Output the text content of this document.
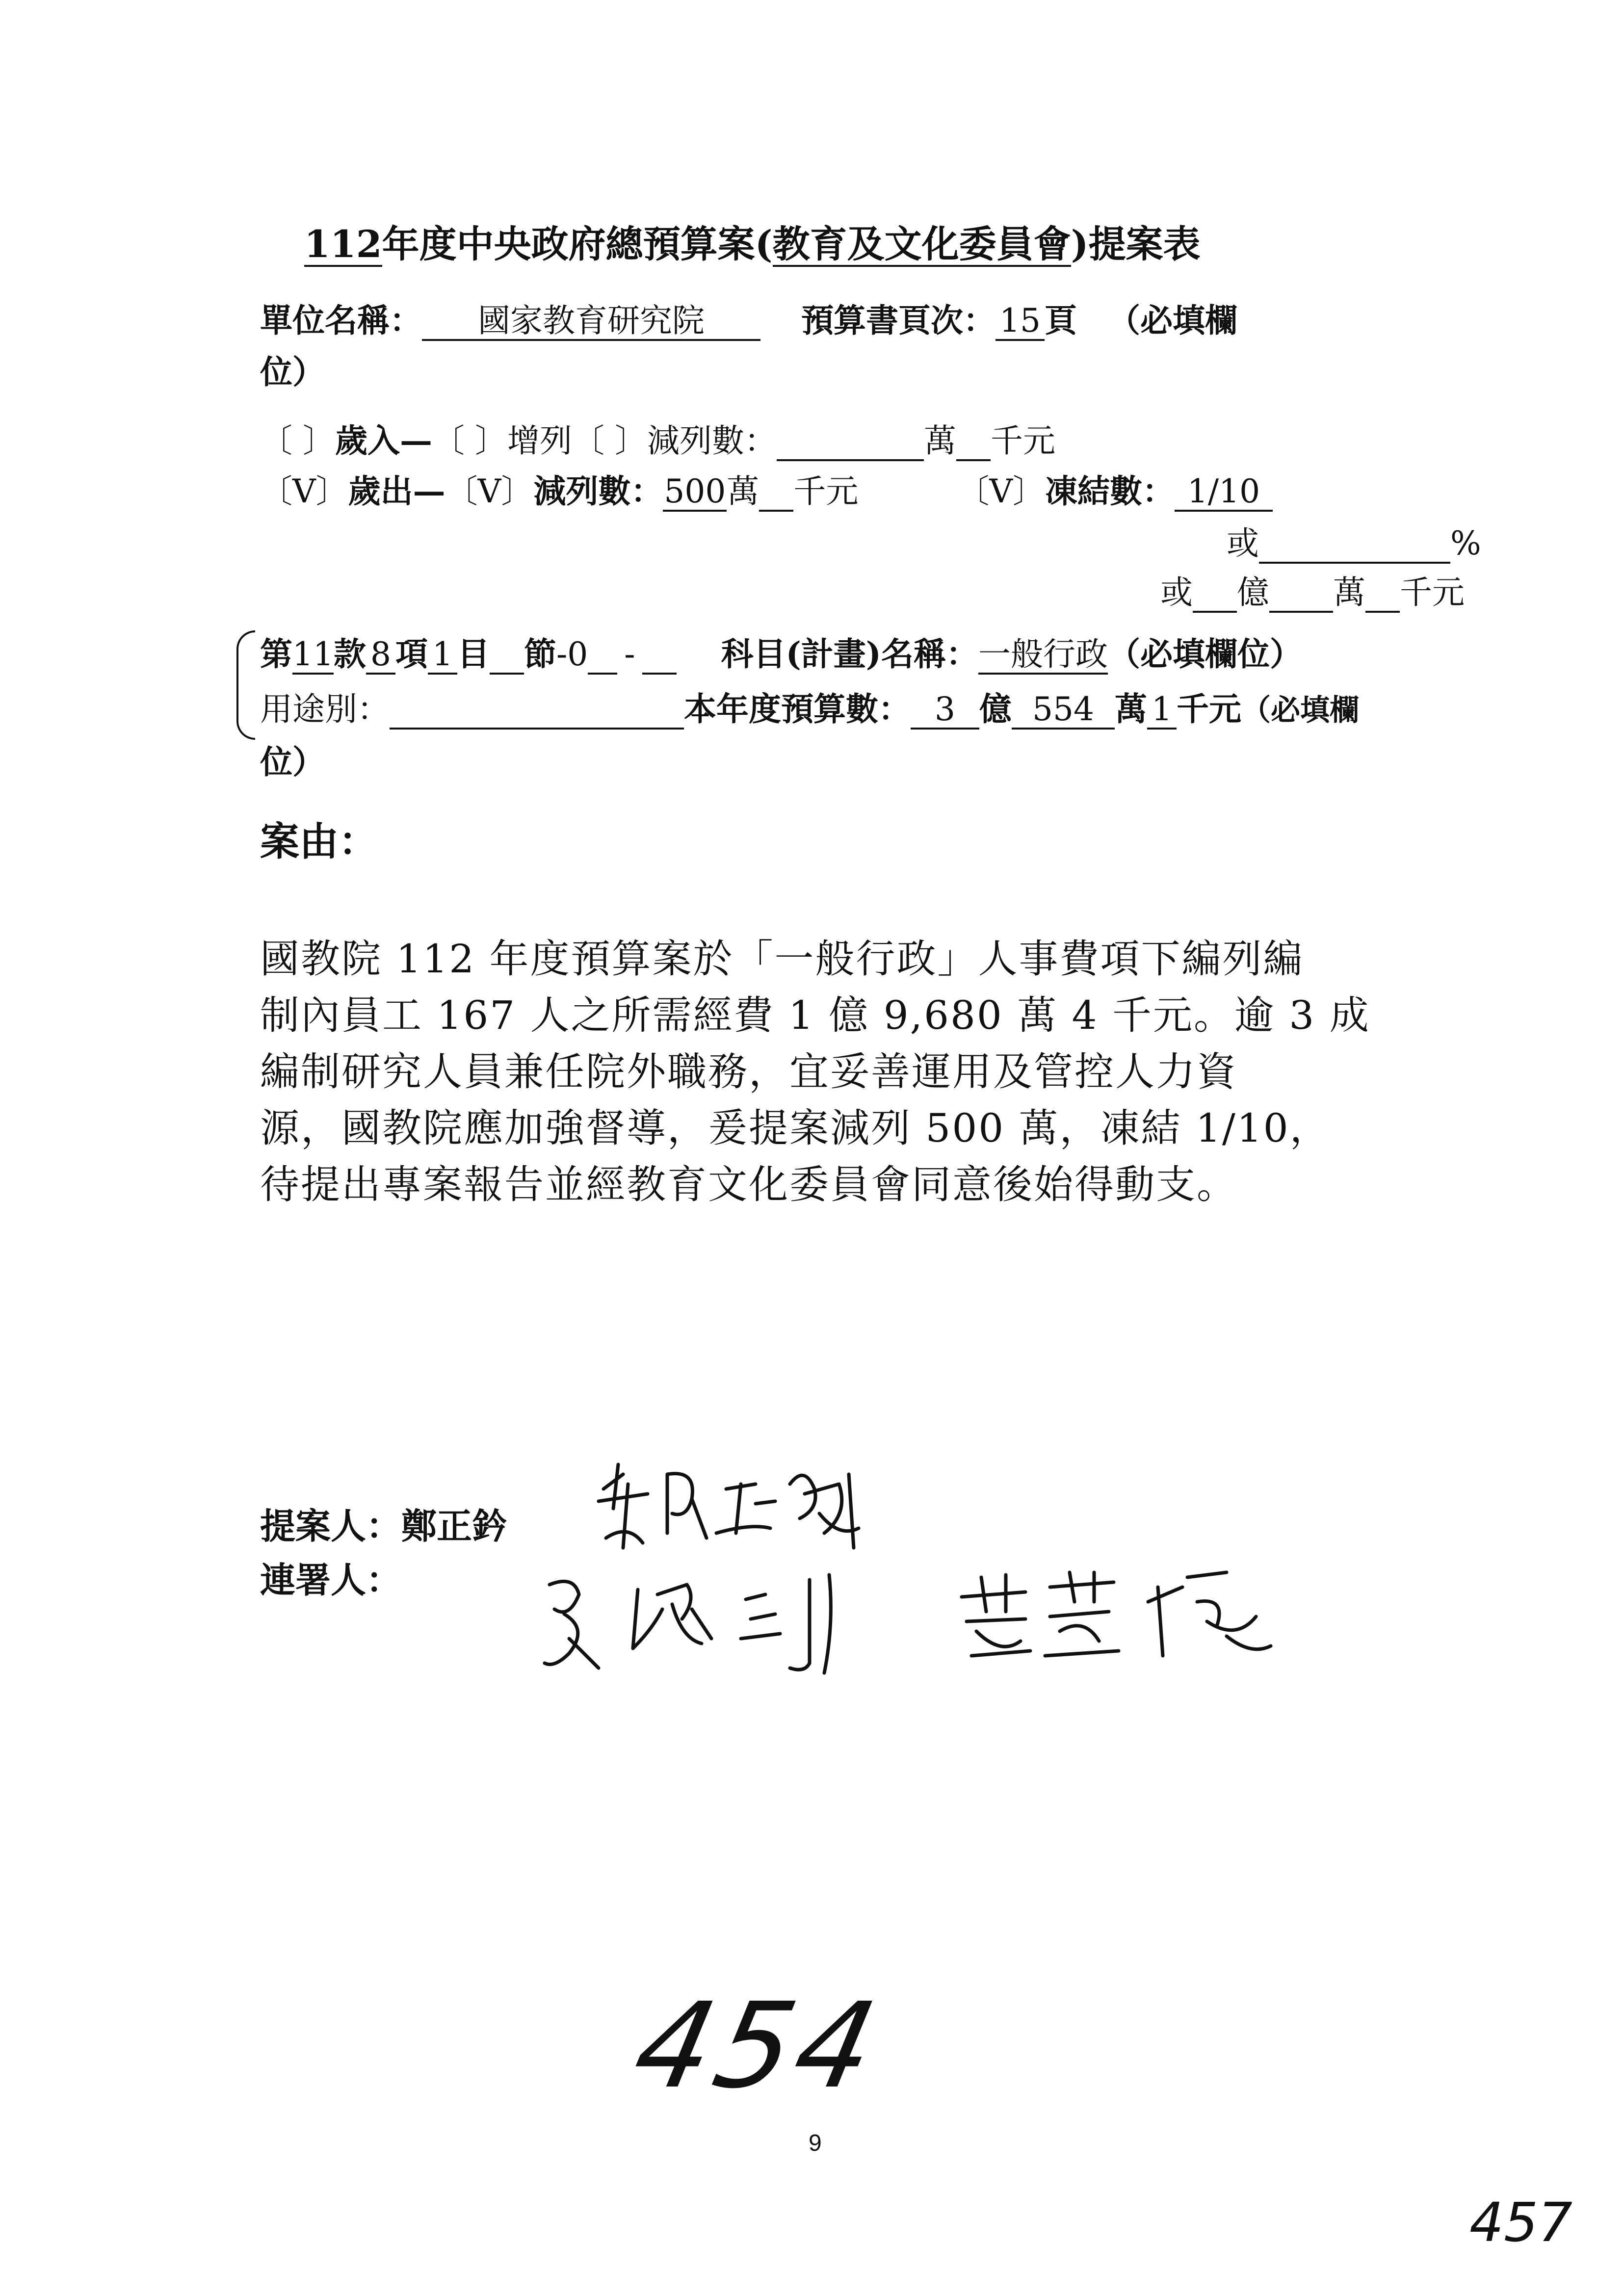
112年度中央政府總預算案(教育及文化委員會)提案表
單位名稱： 國家教育研究院	預算書頁次： 15 頁 （必填欄
位）
〔 〕歲入—〔 〕增列〔 〕減列數：	萬 千元
〔V〕歲出—〔V〕減列數：500萬 千元	〔V〕凍結數： 1/10
或	%
或 億 萬 千元
第11款 8 項 1 目 節-0 -	科目(計畫)名稱：一般行政（必填欄位）
用途別：	本年度預算數： 3 億 554 萬 1 千元（必填欄
位）
案由：
國教院 112 年度預算案於「一般行政」人事費項下編列編
制內員工 167 人之所需經費 1 億 9,680 萬 4 千元。逾 3 成
編制研究人員兼任院外職務，宜妥善運用及管控人力資
源，國教院應加強督導，爰提案減列 500 萬，凍結 1/10，
待提出專案報告並經教育文化委員會同意後始得動支。
提案人：鄭正鈐
連署人：
454
9
457
